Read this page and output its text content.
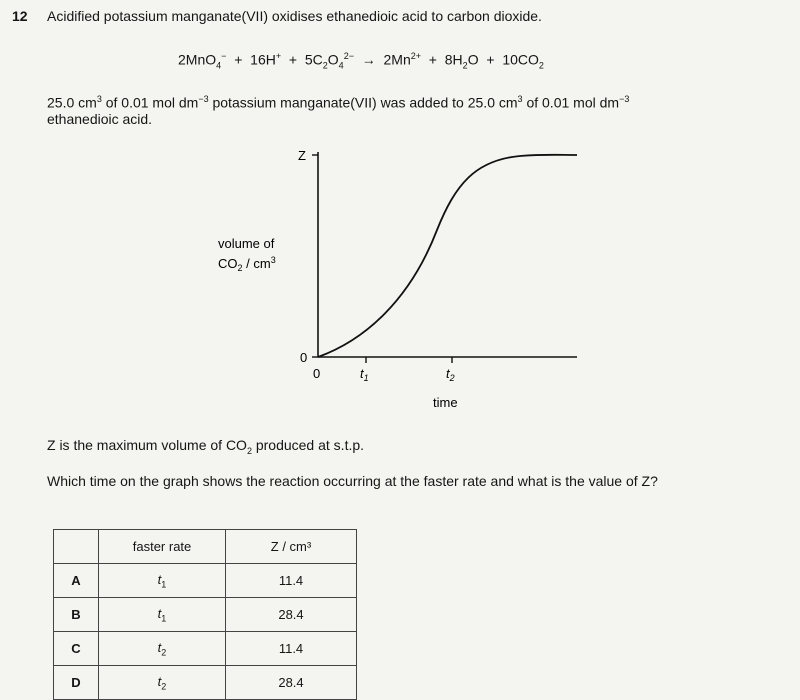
12 Acidified potassium manganate(VII) oxidises ethanedioic acid to carbon dioxide.
$2MnO_4^- + 16H^+ + 5C_2O_4^{2-} \to 2Mn^{2+} + 8H_2O + 10CO_2$
25.0 $cm^3$ of 0.01 mol $dm^{-3}$ potassium manganate(VII) was added to 25.0 $cm^3$ of 0.01 mol $dm^{-3}$
ethanedioic acid.
Z
0
0	$t_1$	$t_2$
time
volume of
$CO_2 / cm^3$
Z is the maximum volume of $CO_2$ produced at s.t.p.
Which time on the graph shows the reaction occurring at the faster rate and what is the value of Z?
	faster rate	Z / cm³
A	$t_1$	11.4
B	$t_1$	28.4
C	$t_2$	11.4
D	$t_2$	28.4
